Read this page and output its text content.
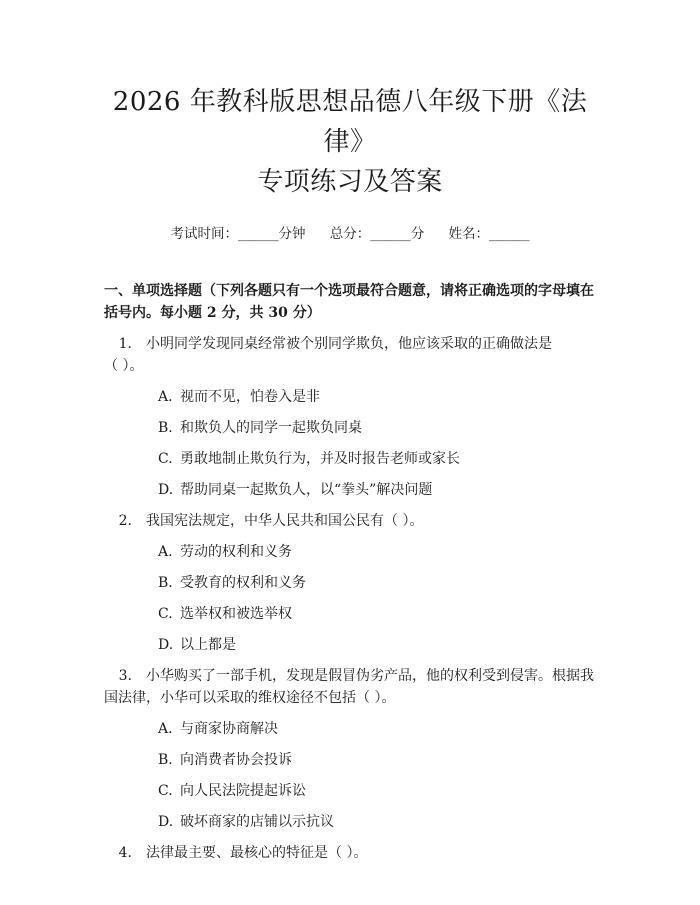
2026 年教科版思想品德八年级下册《法律》
专项练习及答案
考试时间：______分钟 总分：______分 姓名：______
一、单项选择题（下列各题只有一个选项最符合题意，请将正确选项的字母填在括号内。每小题 2 分，共 30 分）
1. 小明同学发现同桌经常被个别同学欺负，他应该采取的正确做法是
（ ）。
A. 视而不见，怕卷入是非
B. 和欺负人的同学一起欺负同桌
C. 勇敢地制止欺负行为，并及时报告老师或家长
D. 帮助同桌一起欺负人，以“拳头”解决问题
2. 我国宪法规定，中华人民共和国公民有（ ）。
A. 劳动的权利和义务
B. 受教育的权利和义务
C. 选举权和被选举权
D. 以上都是
3. 小华购买了一部手机，发现是假冒伪劣产品，他的权利受到侵害。根据我
国法律，小华可以采取的维权途径不包括（ ）。
A. 与商家协商解决
B. 向消费者协会投诉
C. 向人民法院提起诉讼
D. 破坏商家的店铺以示抗议
4. 法律最主要、最核心的特征是（ ）。
